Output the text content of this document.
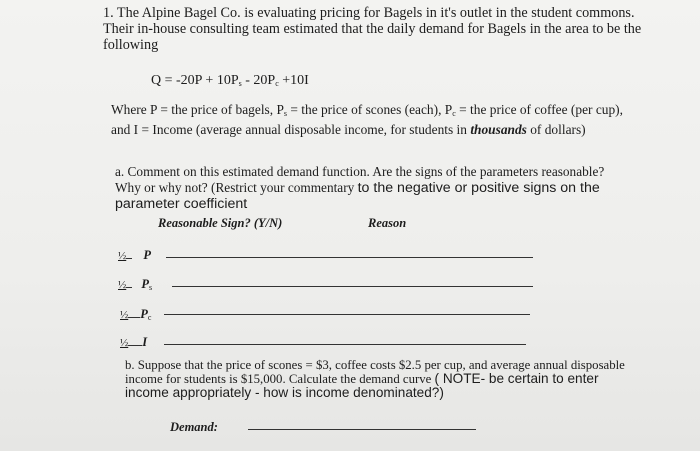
1. The Alpine Bagel Co. is evaluating pricing for Bagels in it's outlet in the student commons.
Their in-house consulting team estimated that the daily demand for Bagels in the area to be the
following
$Q = -20P + 10P_s - 20P_c +10I$
Where P = the price of bagels, $P_s$ = the price of scones (each), $P_c$ = the price of coffee (per cup),
and I = Income (average annual disposable income, for students in thousands of dollars)
a. Comment on this estimated demand function. Are the signs of the parameters reasonable?
Why or why not? (Restrict your commentary to the negative or positive signs on the
parameter coefficient
Reasonable Sign? (Y/N)	Reason
½ P
½ $P_s$
½ $P_c$
½ I
b. Suppose that the price of scones = $3, coffee costs $2.5 per cup, and average annual disposable
income for students is $15,000. Calculate the demand curve ( NOTE- be certain to enter
income appropriately - how is income denominated?)
Demand:
